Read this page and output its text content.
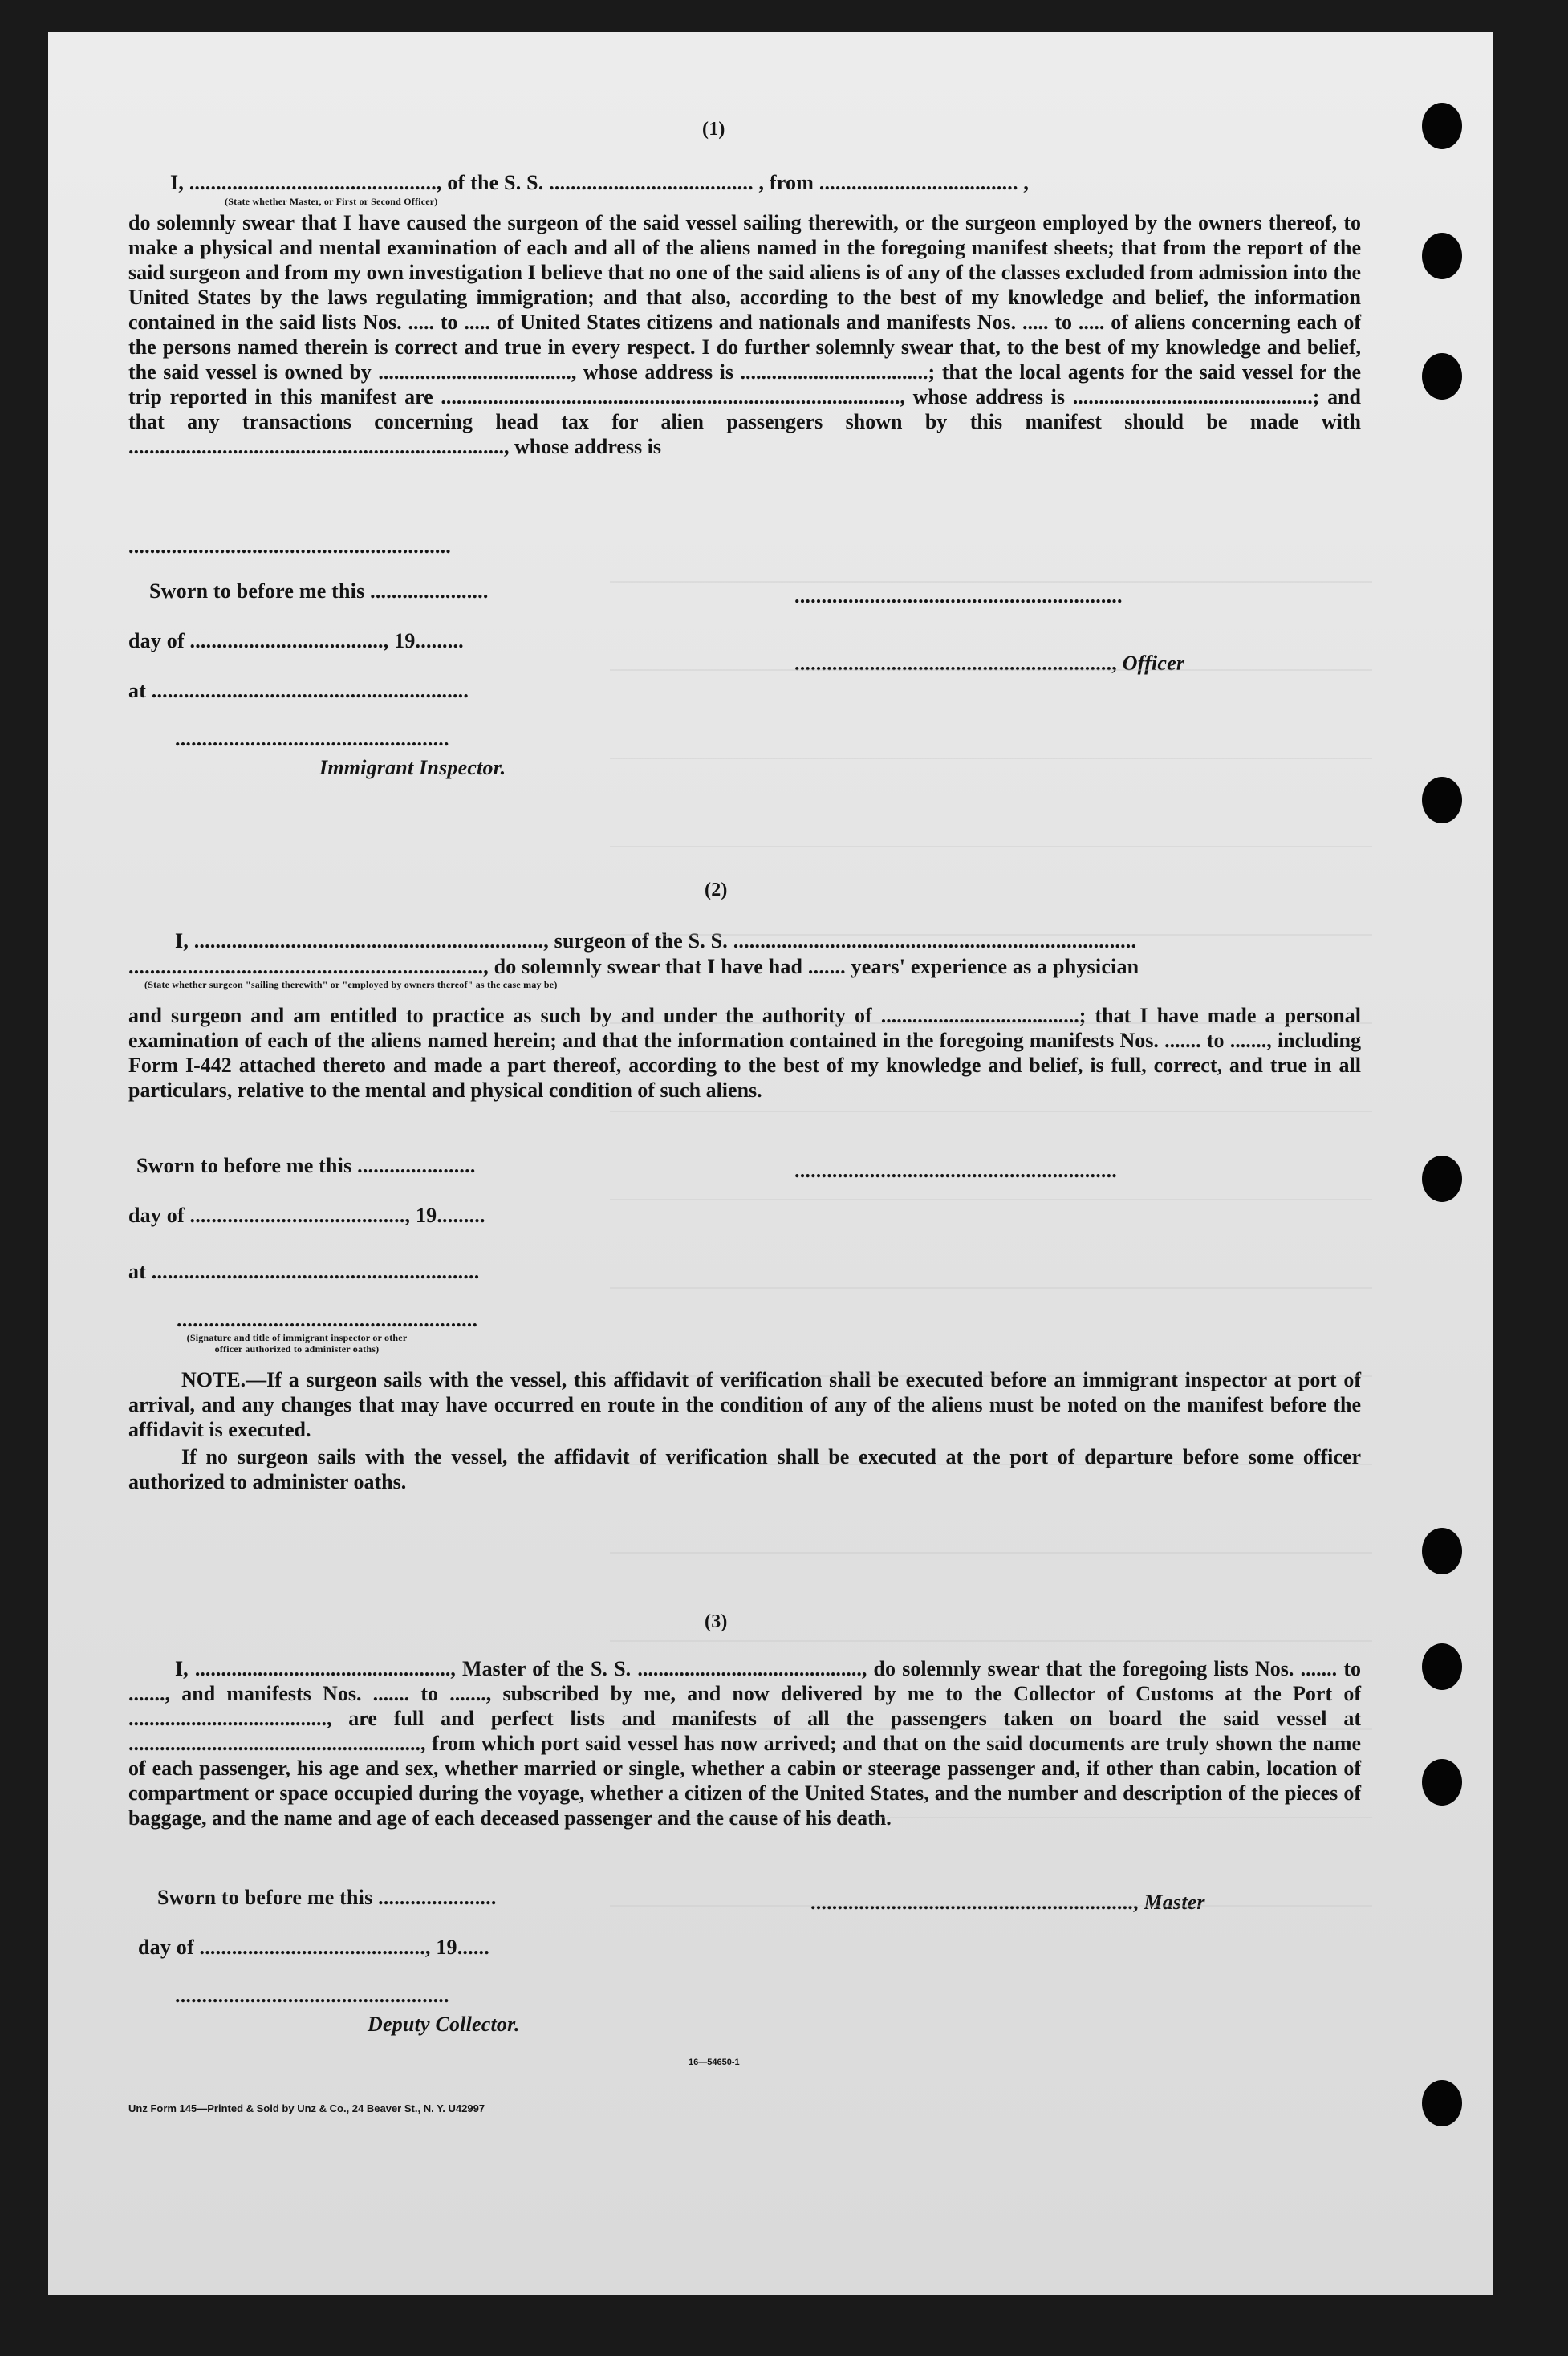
(1)
I, .............................................., of the S. S. ...................................... , from ..................................... ,
(State whether Master, or First or Second Officer)
do solemnly swear that I have caused the surgeon of the said vessel sailing therewith, or the surgeon employed by the owners thereof, to make a physical and mental examination of each and all of the aliens named in the foregoing manifest sheets; that from the report of the said surgeon and from my own investigation I believe that no one of the said aliens is of any of the classes excluded from admission into the United States by the laws regulating immigration; and that also, according to the best of my knowledge and belief, the information contained in the said lists Nos. ..... to ..... of United States citizens and nationals and manifests Nos. ..... to ..... of aliens concerning each of the persons named therein is correct and true in every respect. I do further solemnly swear that, to the best of my knowledge and belief, the said vessel is owned by ....................................., whose address is ....................................; that the local agents for the said vessel for the trip reported in this manifest are ........................................................................................, whose address is ..............................................; and that any transactions concerning head tax for alien passengers shown by this manifest should be made with ........................................................................, whose address is
............................................................
Sworn to before me this ......................
day of ...................................., 19.........
at ...........................................................
...................................................
Immigrant Inspector.
.............................................................
..........................................................., Officer
(2)
I, ................................................................., surgeon of the S. S. ...........................................................................
.................................................................., do solemnly swear that I have had ....... years' experience as a physician
(State whether surgeon "sailing therewith" or "employed by owners thereof" as the case may be)
and surgeon and am entitled to practice as such by and under the authority of ......................................; that I have made a personal examination of each of the aliens named herein; and that the information contained in the foregoing manifests Nos. ....... to ......., including Form I-442 attached thereto and made a part thereof, according to the best of my knowledge and belief, is full, correct, and true in all particulars, relative to the mental and physical condition of such aliens.
Sworn to before me this ......................
day of ........................................, 19.........
at .............................................................
............................................................
........................................................
(Signature and title of immigrant inspector or other officer authorized to administer oaths)
NOTE.—If a surgeon sails with the vessel, this affidavit of verification shall be executed before an immigrant inspector at port of arrival, and any changes that may have occurred en route in the condition of any of the aliens must be noted on the manifest before the affidavit is executed.
If no surgeon sails with the vessel, the affidavit of verification shall be executed at the port of departure before some officer authorized to administer oaths.
(3)
I, ................................................., Master of the S. S. ..........................................., do solemnly swear that the foregoing lists Nos. ....... to ......., and manifests Nos. ....... to ......., subscribed by me, and now delivered by me to the Collector of Customs at the Port of ......................................, are full and perfect lists and manifests of all the passengers taken on board the said vessel at ........................................................, from which port said vessel has now arrived; and that on the said documents are truly shown the name of each passenger, his age and sex, whether married or single, whether a cabin or steerage passenger and, if other than cabin, location of compartment or space occupied during the voyage, whether a citizen of the United States, and the number and description of the pieces of baggage, and the name and age of each deceased passenger and the cause of his death.
Sworn to before me this ......................
day of .........................................., 19......
...................................................
Deputy Collector.
............................................................, Master
16—54650-1
Unz Form 145—Printed & Sold by Unz & Co., 24 Beaver St., N. Y. U42997
